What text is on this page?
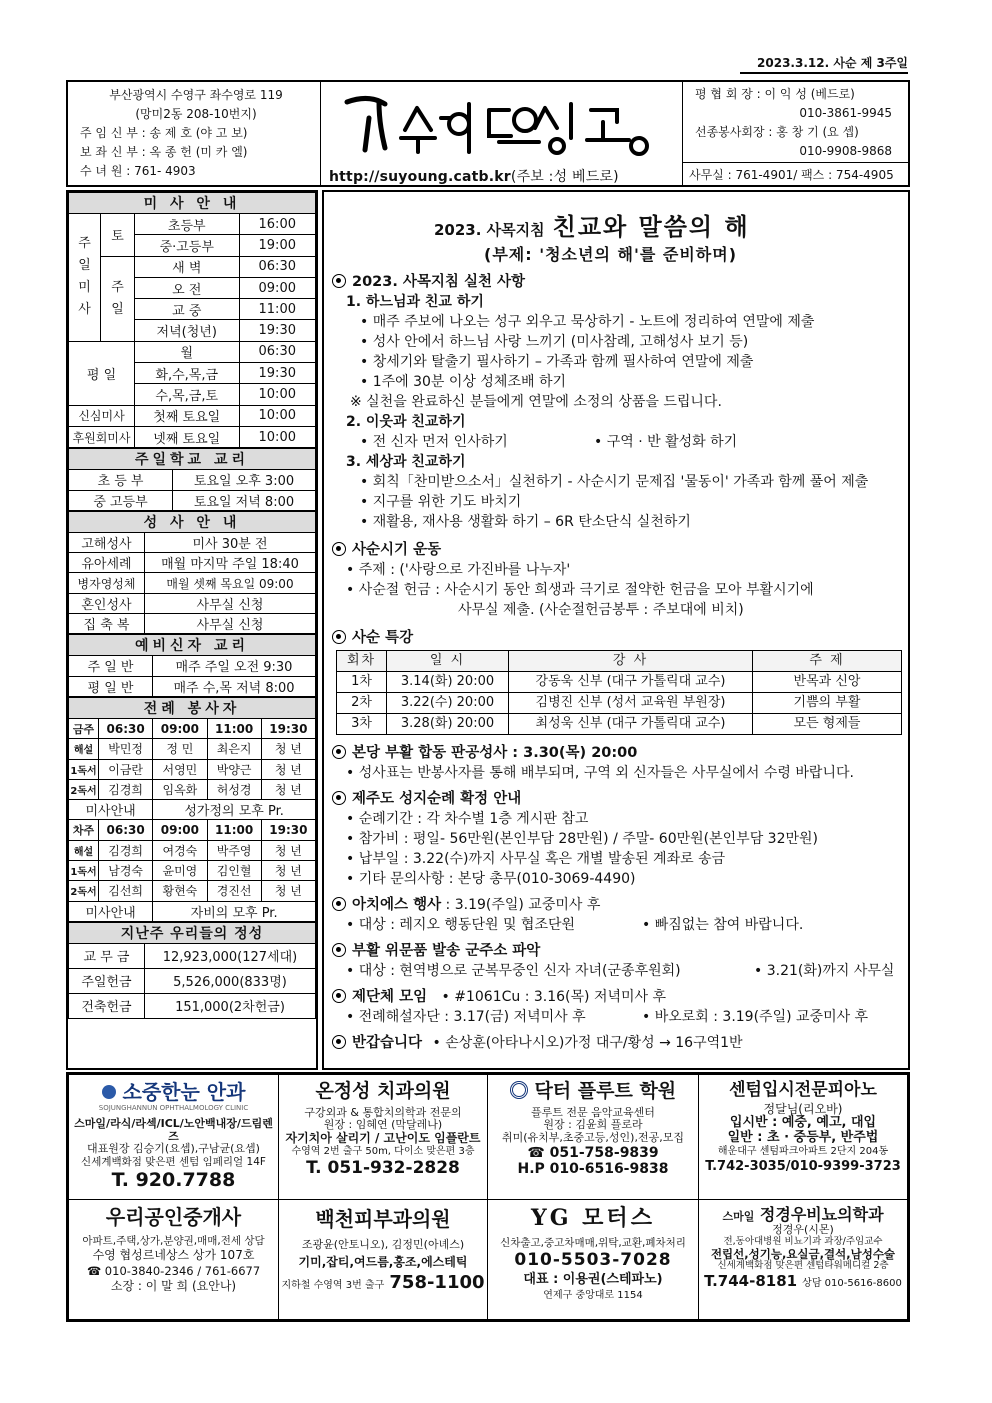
2023.3.12. 사순 제 3주일
부산광역시 수영구 좌수영로 119
(망미2동 208-10번지)
주 임 신 부 : 송 제 호 (야 고 보)
보 좌 신 부 : 옥 종 헌 (미 카 엘)
수 녀 원 : 761- 4903	http://suyoung.catb.kr(주보 :성 베드로)
평 협 회 장 : 이 익 성 (베드로)
010-3861-9945
선종봉사회장 : 홍 창 기 (요 셉)
010-9908-9868
사무실 : 761-4901/ 팩스 : 754-4905
미 사 안 내

주일미사
	토	
초등부	16:00

중·고등부	19:00

주일

새 벽	06:30

오 전	09:00

교 중	11:00

저녁(청년)	19:30

평 일	
월	06:30

화,수,목,금	19:30

수,목,금,토	10:00

신심미사	첫째 토요일	10:00

후원회미사	넷째 토요일	10:00
주일학교 교리	
초 등 부	토요일 오후 3:00
중 고등부	토요일 저녁 8:00
성 사 안 내	
고해성사	미사 30분 전
유아세례	매월 마지막 주일 18:40
병자영성체	매월 셋째 목요일 09:00
혼인성사	사무실 신청
집 축 복	사무실 신청
예비신자 교리	
주 일 반	매주 주일 오전 9:30
평 일 반	매주 수,목 저녁 8:00
전례 봉사자				
금주	06:30	09:00	11:00	19:30
해설	박민정	정 민	최은지	청 년
1독서	이금란	서영민	박양근	청 년
2독서	김경희	임옥화	허성경	청 년
미사안내		성가정의 모후 Pr.		
차주	06:30	09:00	11:00	19:30
해설	김경희	여경숙	박주영	청 년
1독서	남경숙	윤미영	김인혈	청 년
2독서	김선희	황현숙	경진선	청 년
미사안내		자비의 모후 Pr.		
지난주 우리들의 정성	
교 무 금	12,923,000(127세대)
주일헌금	5,526,000(833명)
건축헌금	151,000(2차헌금)
2023. 사목지침 친교와 말씀의 해
(부제: '청소년의 해'를 준비하며)
2023. 사목지침 실천 사항
1. 하느님과 친교 하기
• 매주 주보에 나오는 성구 외우고 묵상하기 - 노트에 정리하여 연말에 제출
• 성사 안에서 하느님 사랑 느끼기 (미사참례, 고해성사 보기 등)
• 창세기와 탈출기 필사하기 – 가족과 함께 필사하여 연말에 제출
• 1주에 30분 이상 성체조배 하기
※ 실천을 완료하신 분들에게 연말에 소정의 상품을 드립니다.
2. 이웃과 친교하기
• 전 신자 먼저 인사하기	• 구역 · 반 활성화 하기
3. 세상과 친교하기
• 회칙「찬미받으소서」실천하기 - 사순시기 문제집 '물동이' 가족과 함께 풀어 제출
• 지구를 위한 기도 바치기
• 재활용, 재사용 생활화 하기 – 6R 탄소단식 실천하기
사순시기 운동
• 주제 : ('사랑으로 가진바를 나누자'
• 사순절 헌금 : 사순시기 동안 희생과 극기로 절약한 헌금을 모아 부활시기에
사무실 제출. (사순절헌금봉투 : 주보대에 비치)
사순 특강
회차	일 시	강 사	주 제
1차	3.14(화) 20:00	강동욱 신부 (대구 가톨릭대 교수)	반목과 신앙
2차	3.22(수) 20:00	김병진 신부 (성서 교육원 부원장)	기쁨의 부활
3차	3.28(화) 20:00	최성욱 신부 (대구 가톨릭대 교수)	모든 형제들
본당 부활 합동 판공성사 : 3.30(목) 20:00
• 성사표는 반봉사자를 통해 배부되며, 구역 외 신자들은 사무실에서 수령 바랍니다.
제주도 성지순례 확정 안내
• 순례기간 : 각 차수별 1층 게시판 참고
• 참가비 : 평일- 56만원(본인부담 28만원) / 주말- 60만원(본인부담 32만원)
• 납부일 : 3.22(수)까지 사무실 혹은 개별 발송된 계좌로 송금
• 기타 문의사항 : 본당 총무(010-3069-4490)
아치에스 행사 : 3.19(주일) 교중미사 후
• 대상 : 레지오 행동단원 및 협조단원	• 빠짐없는 참여 바랍니다.
부활 위문품 발송 군주소 파악
• 대상 : 현역병으로 군복무중인 신자 자녀(군종후원회)	• 3.21(화)까지 사무실
제단체 모임 • #1061Cu : 3.16(목) 저녁미사 후
• 전례해설자단 : 3.17(금) 저녁미사 후	• 바오로회 : 3.19(주일) 교중미사 후
반갑습니다 • 손상훈(아타나시오)가정 대구/황성 → 16구역1반
소중한눈 안과
SOJUNGHANNUN OPHTHALMOLOGY CLINIC
스마일/라식/라섹/ICL/노안백내장/드림렌즈
대표원장 김승기(요셉),구남균(요셉)
신세계백화점 맞은편 센텀 임페리얼 14F
T. 920.7788
온정성 치과의원
구강외과 & 통합치의학과 전문의
원장 : 임혜연 (막달레나)
자기치아 살리기 / 고난이도 임플란트
수영역 2번 출구 50m, 다이소 맞은편 3층
T. 051-932-2828
닥터 플루트 학원
플루트 전문 음악교육센터
원장 : 김윤희 플로라
취미(유치부,초중고등,성인),전공,모집
☎ 051-758-9839
H.P 010-6516-9838
센텀입시전문피아노
정달님(리오바)
입시반 : 예중, 예고, 대입
일반 : 초 · 중등부, 반주법
해운대구 센텀파크아파트 2단지 204동
T.742-3035/010-9399-3723
우리공인중개사
아파트,주택,상가,분양권,매매,전세 상담
수영 협성르네상스 상가 107호
☎ 010-3840-2346 / 761-6677
소장 : 이 말 희 (요안나)
백천피부과의원
조광윤(안토니오), 김정민(아녜스)
기미,잡티,여드름,홍조,에스테틱
지하철 수영역 3번 출구 758-1100
YG 모터스
신차출고,중고차매매,위탁,교환,폐차처리
010-5503-7028
대표 : 이용권(스테파노)
연제구 중앙대로 1154
스마일 정경우비뇨의학과
정경우(시몬)
전,동아대병원 비뇨기과 과장/주임교수
전립선,성기능,요실금,결석,남성수술
신세계백화점 맞은편 센텀타워메디컬 2층
T.744-8181 상담 010-5616-8600
